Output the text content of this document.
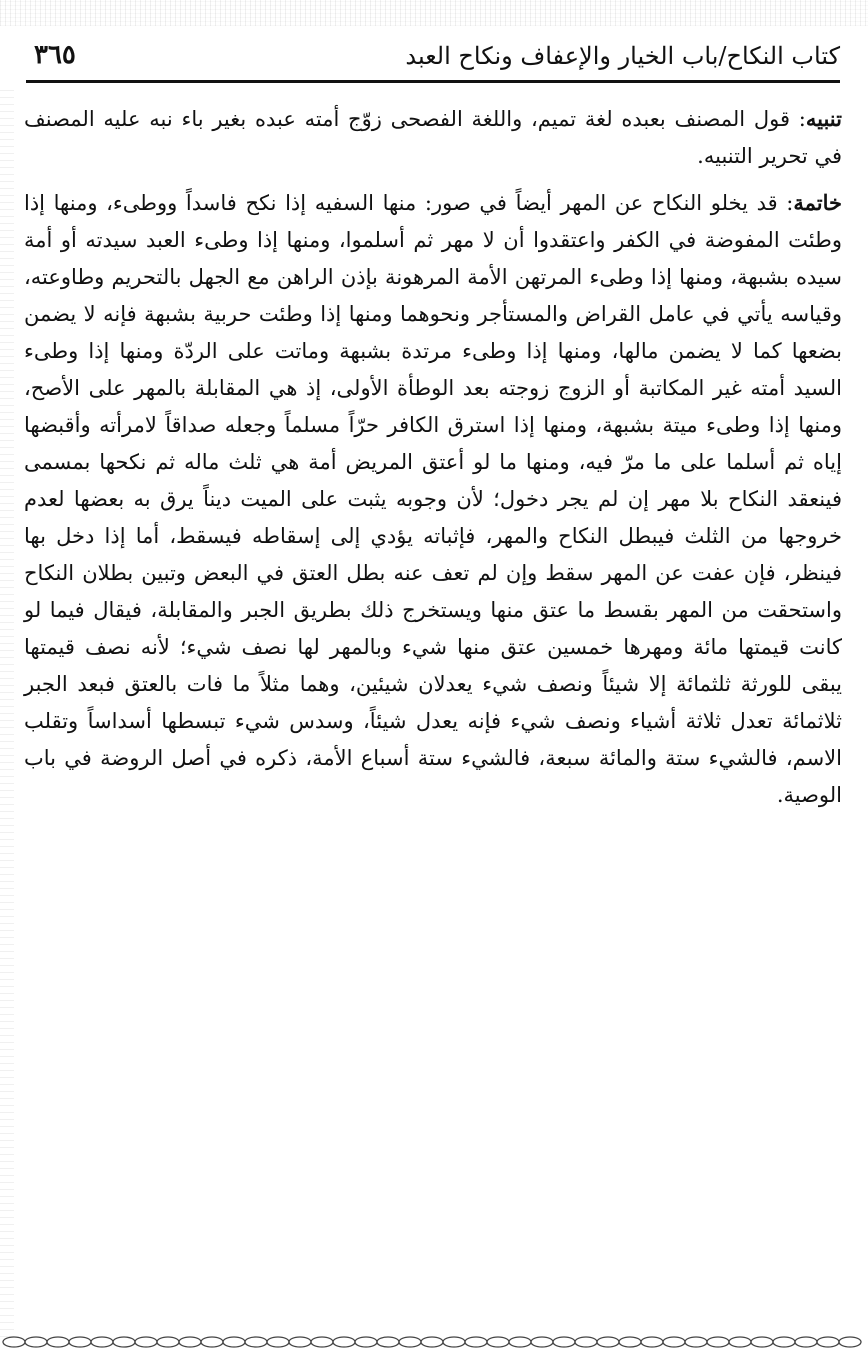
كتاب النكاح/باب الخيار والإعفاف ونكاح العبد
٣٦٥

تنبيه: قول المصنف بعبده لغة تميم، واللغة الفصحى زوّج أمته عبده بغير باء نبه عليه المصنف في تحرير التنبيه.

خاتمة: قد يخلو النكاح عن المهر أيضاً في صور: منها السفيه إذا نكح فاسداً ووطىء، ومنها إذا وطئت المفوضة في الكفر واعتقدوا أن لا مهر ثم أسلموا، ومنها إذا وطىء العبد سيدته أو أمة سيده بشبهة، ومنها إذا وطىء المرتهن الأمة المرهونة بإذن الراهن مع الجهل بالتحريم وطاوعته، وقياسه يأتي في عامل القراض والمستأجر ونحوهما ومنها إذا وطئت حربية بشبهة فإنه لا يضمن بضعها كما لا يضمن مالها، ومنها إذا وطىء مرتدة بشبهة وماتت على الردّة ومنها إذا وطىء السيد أمته غير المكاتبة أو الزوج زوجته بعد الوطأة الأولى، إذ هي المقابلة بالمهر على الأصح، ومنها إذا وطىء ميتة بشبهة، ومنها إذا استرق الكافر حرّاً مسلماً وجعله صداقاً لامرأته وأقبضها إياه ثم أسلما على ما مرّ فيه، ومنها ما لو أعتق المريض أمة هي ثلث ماله ثم نكحها بمسمى فينعقد النكاح بلا مهر إن لم يجر دخول؛ لأن وجوبه يثبت على الميت ديناً يرق به بعضها لعدم خروجها من الثلث فيبطل النكاح والمهر، فإثباته يؤدي إلى إسقاطه فيسقط، أما إذا دخل بها فينظر، فإن عفت عن المهر سقط وإن لم تعف عنه بطل العتق في البعض وتبين بطلان النكاح واستحقت من المهر بقسط ما عتق منها ويستخرج ذلك بطريق الجبر والمقابلة، فيقال فيما لو كانت قيمتها مائة ومهرها خمسين عتق منها شيء وبالمهر لها نصف شيء؛ لأنه نصف قيمتها يبقى للورثة ثلثمائة إلا شيئاً ونصف شيء يعدلان شيئين، وهما مثلاً ما فات بالعتق فبعد الجبر ثلاثمائة تعدل ثلاثة أشياء ونصف شيء فإنه يعدل شيئاً، وسدس شيء تبسطها أسداساً وتقلب الاسم، فالشيء ستة والمائة سبعة، فالشيء ستة أسباع الأمة، ذكره في أصل الروضة في باب الوصية.
